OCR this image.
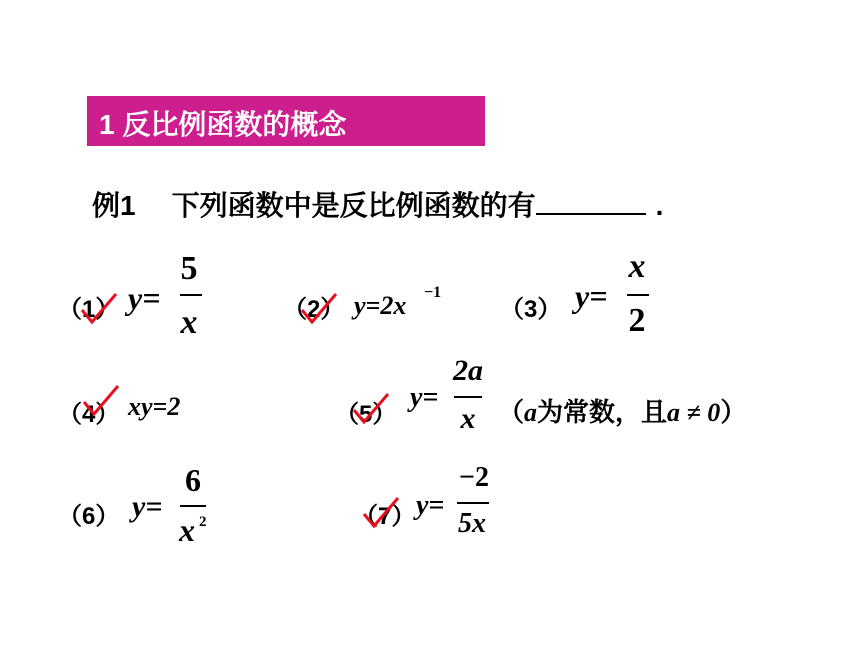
1 反比例函数的概念
例1 下列函数中是反比例函数的有	.
（1） y=
5
x	（2） y=2x −1
（3） y=
x
2
（4） xy=2	（5）
y=
2a
x （a为常数，且a ≠ 0）
（6） y=
6
x 2	（7） y=
−2
5x
